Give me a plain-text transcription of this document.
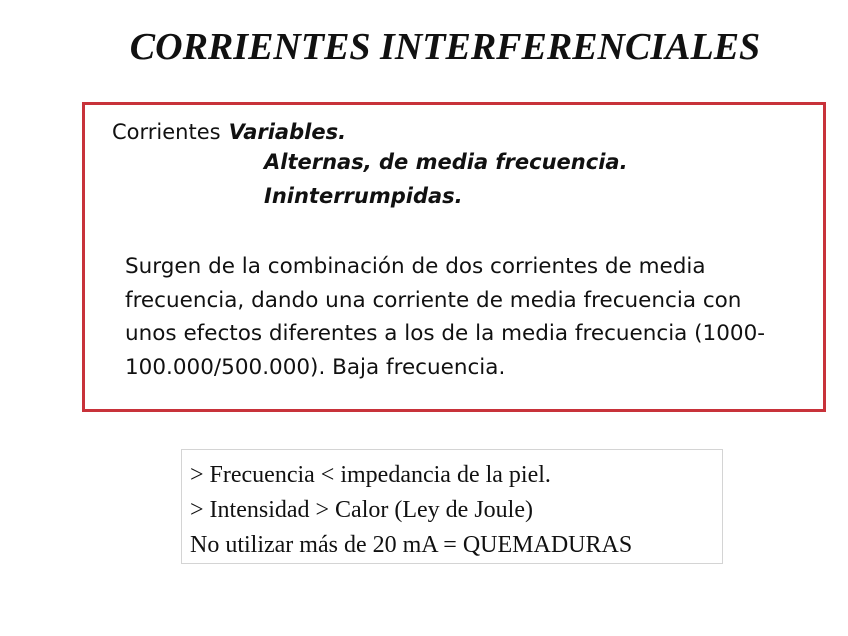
CORRIENTES INTERFERENCIALES
Corrientes Variables.
Alternas, de media frecuencia.
Ininterrumpidas.

Surgen de la combinación de dos corrientes de media
frecuencia, dando una corriente de media frecuencia con
unos efectos diferentes a los de la media frecuencia (1000-
100.000/500.000). Baja frecuencia.

> Frecuencia < impedancia de la piel.
> Intensidad > Calor (Ley de Joule)
No utilizar más de 20 mA = QUEMADURAS
